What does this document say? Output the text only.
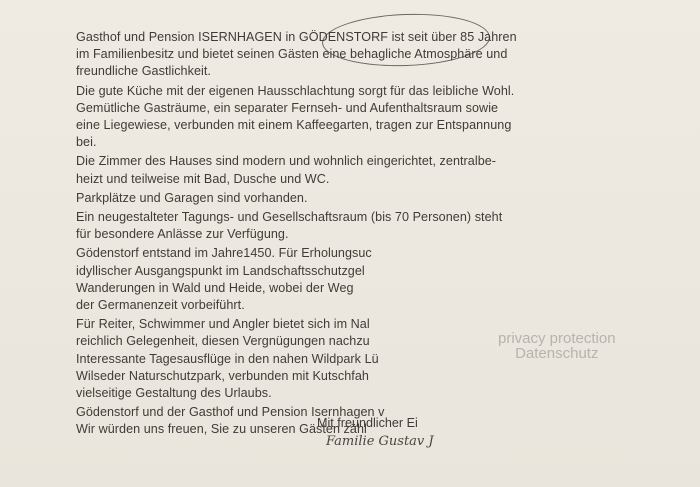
Gasthof und Pension ISERNHAGEN in GÖDENSTORF ist seit über 85 Jahren
im Familienbesitz und bietet seinen Gästen eine behagliche Atmosphäre und
freundliche Gastlichkeit.

Die gute Küche mit der eigenen Hausschlachtung sorgt für das leibliche Wohl.
Gemütliche Gasträume, ein separater Fernseh- und Aufenthaltsraum sowie
eine Liegewiese, verbunden mit einem Kaffeegarten, tragen zur Entspannung
bei.

Die Zimmer des Hauses sind modern und wohnlich eingerichtet, zentralbe-
heizt und teilweise mit Bad, Dusche und WC.

Parkplätze und Garagen sind vorhanden.

Ein neugestalteter Tagungs- und Gesellschaftsraum (bis 70 Personen) steht
für besondere Anlässe zur Verfügung.

Gödenstorf entstand im Jahre1450. Für Erholungsuc
idyllischer Ausgangspunkt im Landschaftsschutzgel
Wanderungen in Wald und Heide, wobei der Weg
der Germanenzeit vorbeiführt.

Für Reiter, Schwimmer und Angler bietet sich im Nal
reichlich Gelegenheit, diesen Vergnügungen nachzu
Interessante Tagesausflüge in den nahen Wildpark Lü
Wilseder Naturschutzpark, verbunden mit Kutschfah
vielseitige Gestaltung des Urlaubs.

Gödenstorf und der Gasthof und Pension Isernhagen v
Wir würden uns freuen, Sie zu unseren Gästen zähl

Mit freundlicher Ei
Familie Gustav J
privacy protection
Datenschutz
